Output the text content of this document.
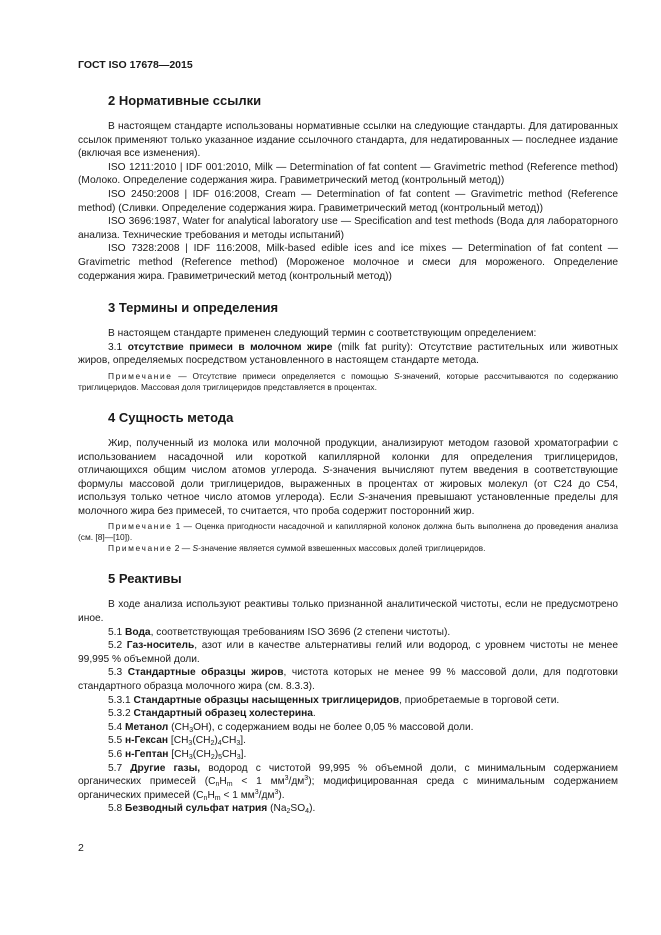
ГОСТ ISO 17678—2015
2 Нормативные ссылки

В настоящем стандарте использованы нормативные ссылки на следующие стандарты. Для датированных ссылок применяют только указанное издание ссылочного стандарта, для недатированных — последнее издание (включая все изменения).

ISO 1211:2010 | IDF 001:2010, Milk — Determination of fat content — Gravimetric method (Reference method) (Молоко. Определение содержания жира. Гравиметрический метод (контрольный метод))

ISO 2450:2008 | IDF 016:2008, Cream — Determination of fat content — Gravimetric method (Reference method) (Сливки. Определение содержания жира. Гравиметрический метод (контрольный метод))

ISO 3696:1987, Water for analytical laboratory use — Specification and test methods (Вода для лабораторного анализа. Технические требования и методы испытаний)

ISO 7328:2008 | IDF 116:2008, Milk-based edible ices and ice mixes — Determination of fat content — Gravimetric method (Reference method) (Мороженое молочное и смеси для мороженого. Определение содержания жира. Гравиметрический метод (контрольный метод))

3 Термины и определения

В настоящем стандарте применен следующий термин с соответствующим определением:

3.1 отсутствие примеси в молочном жире (milk fat purity): Отсутствие растительных или животных жиров, определяемых посредством установленного в настоящем стандарте метода.

Примечание — Отсутствие примеси определяется с помощью S-значений, которые рассчитываются по содержанию триглицеридов. Массовая доля триглицеридов представляется в процентах.

4 Сущность метода

Жир, полученный из молока или молочной продукции, анализируют методом газовой хроматографии с использованием насадочной или короткой капиллярной колонки для определения триглицеридов, отличающихся общим числом атомов углерода. S-значения вычисляют путем введения в соответствующие формулы массовой доли триглицеридов, выраженных в процентах от жировых молекул (от С24 до С54, используя только четное число атомов углерода). Если S-значения превышают установленные пределы для молочного жира без примесей, то считается, что проба содержит посторонний жир.

Примечание 1 — Оценка пригодности насадочной и капиллярной колонок должна быть выполнена до проведения анализа (см. [8]—[10]).

Примечание 2 — S-значение является суммой взвешенных массовых долей триглицеридов.

5 Реактивы

В ходе анализа используют реактивы только признанной аналитической чистоты, если не предусмотрено иное.

5.1 Вода, соответствующая требованиям ISO 3696 (2 степени чистоты).

5.2 Газ-носитель, азот или в качестве альтернативы гелий или водород, с уровнем чистоты не менее 99,995 % объемной доли.

5.3 Стандартные образцы жиров, чистота которых не менее 99 % массовой доли, для подготовки стандартного образца молочного жира (см. 8.3.3).

5.3.1 Стандартные образцы насыщенных триглицеридов, приобретаемые в торговой сети.

5.3.2 Стандартный образец холестерина.

5.4 Метанол $(CH_3OH)$, с содержанием воды не более 0,05 % массовой доли.

5.5 н-Гексан $[CH_3(CH_2)_4CH_3]$.

5.6 н-Гептан $[CH_3(CH_2)_5CH_3]$.

5.7 Другие газы, водород с чистотой 99,995 % объемной доли, с минимальным содержанием органических примесей ($C_nH_m < 1$ $мм^3/дм^3$); модифицированная среда с минимальным содержанием органических примесей ($C_nH_m < 1$ $мм^3/дм^3$).

5.8 Безводный сульфат натрия $(Na_2SO_4)$.

2
